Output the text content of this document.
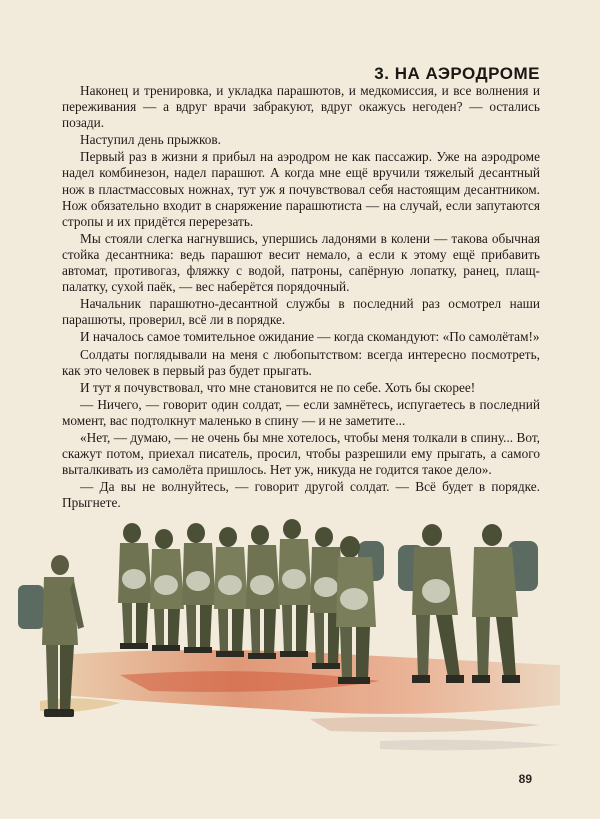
3. НА АЭРОДРОМЕ

Наконец и тренировка, и укладка парашютов, и медкомиссия, и все волнения и переживания — а вдруг врачи забракуют, вдруг окажусь негоден? — остались позади.

Наступил день прыжков.

Первый раз в жизни я прибыл на аэродром не как пассажир. Уже на аэродроме надел комбинезон, надел парашют. А когда мне ещё вручили тяжелый десантный нож в пластмассовых ножнах, тут уж я почувствовал себя настоящим десантником. Нож обязательно входит в снаряжение парашютиста — на случай, если запутаются стропы и их придётся перерезать.

Мы стояли слегка нагнувшись, упершись ладонями в колени — такова обычная стойка десантника: ведь парашют весит немало, а если к этому ещё прибавить автомат, противогаз, фляжку с водой, патроны, сапёрную лопатку, ранец, плащ-палатку, сухой паёк, — вес наберётся порядочный.

Начальник парашютно-десантной службы в последний раз осмотрел наши парашюты, проверил, всё ли в порядке.

И началось самое томительное ожидание — когда скомандуют: «По самолётам!»

Солдаты поглядывали на меня с любопытством: всегда интересно посмотреть, как это человек в первый раз будет прыгать.

И тут я почувствовал, что мне становится не по себе. Хоть бы скорее!

— Ничего, — говорит один солдат, — если замнётесь, испугаетесь в последний момент, вас подтолкнут маленько в спину — и не заметите...

«Нет, — думаю, — не очень бы мне хотелось, чтобы меня толкали в спину... Вот, скажут потом, приехал писатель, просил, чтобы разрешили ему прыгать, а самого выталкивать из самолёта пришлось. Нет уж, никуда не годится такое дело».

— Да вы не волнуйтесь, — говорит другой солдат. — Всё будет в порядке. Прыгнете.

89
